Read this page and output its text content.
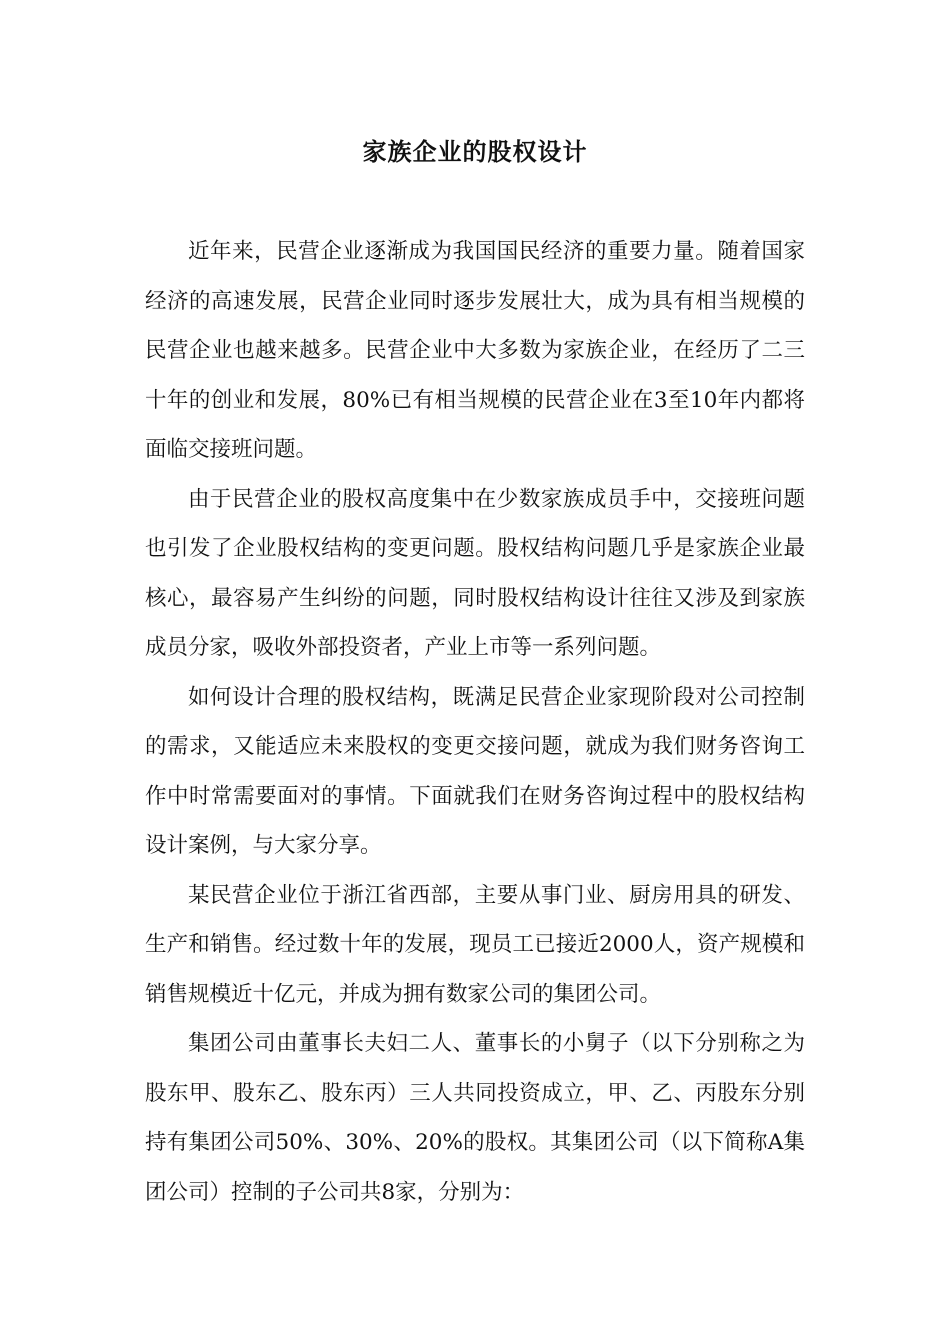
家族企业的股权设计

近年来，民营企业逐渐成为我国国民经济的重要力量。随着国家经济的高速发展，民营企业同时逐步发展壮大，成为具有相当规模的民营企业也越来越多。民营企业中大多数为家族企业，在经历了二三十年的创业和发展，80%已有相当规模的民营企业在3至10年内都将面临交接班问题。

由于民营企业的股权高度集中在少数家族成员手中，交接班问题也引发了企业股权结构的变更问题。股权结构问题几乎是家族企业最核心，最容易产生纠纷的问题，同时股权结构设计往往又涉及到家族成员分家，吸收外部投资者，产业上市等一系列问题。

如何设计合理的股权结构，既满足民营企业家现阶段对公司控制的需求，又能适应未来股权的变更交接问题，就成为我们财务咨询工作中时常需要面对的事情。下面就我们在财务咨询过程中的股权结构设计案例，与大家分享。

某民营企业位于浙江省西部，主要从事门业、厨房用具的研发、生产和销售。经过数十年的发展，现员工已接近2000人，资产规模和销售规模近十亿元，并成为拥有数家公司的集团公司。

集团公司由董事长夫妇二人、董事长的小舅子（以下分别称之为股东甲、股东乙、股东丙）三人共同投资成立，甲、乙、丙股东分别持有集团公司50%、30%、20%的股权。其集团公司（以下简称A集团公司）控制的子公司共8家，分别为：
